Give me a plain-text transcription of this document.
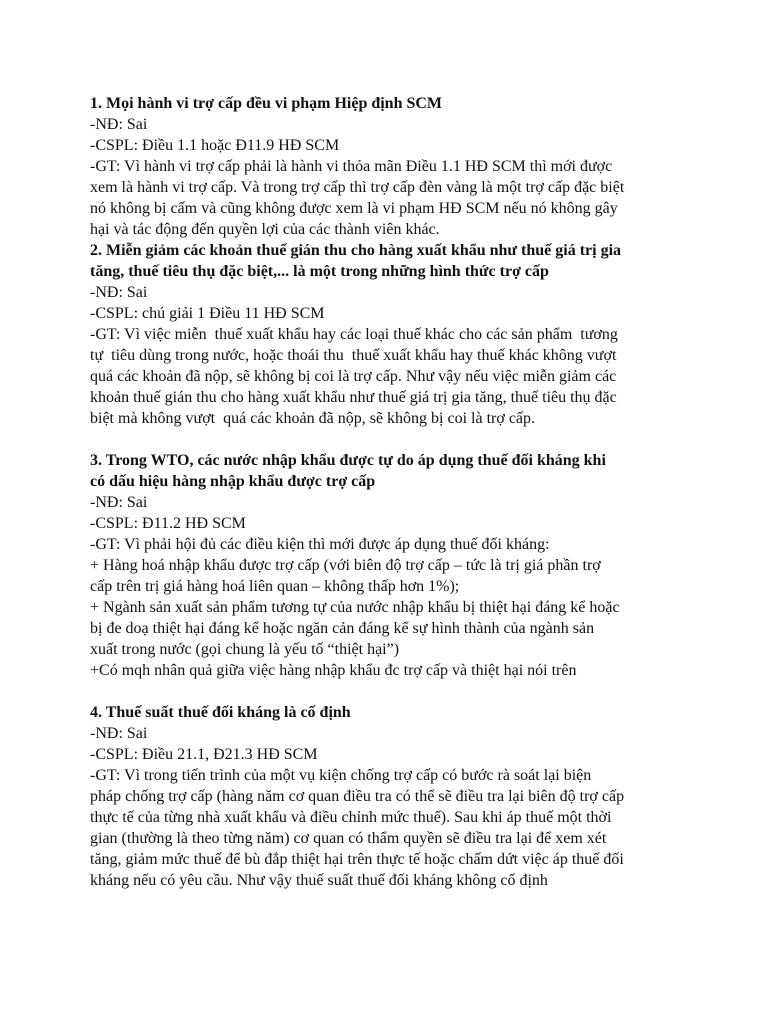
1. Mọi hành vi trợ cấp đều vi phạm Hiệp định SCM
-NĐ: Sai
-CSPL: Điều 1.1 hoặc Đ11.9 HĐ SCM
-GT: Vì hành vi trợ cấp phải là hành vi thỏa mãn Điều 1.1 HĐ SCM thì mới được
xem là hành vi trợ cấp. Và trong trợ cấp thì trợ cấp đèn vàng là một trợ cấp đặc biệt
nó không bị cấm và cũng không được xem là vi phạm HĐ SCM nếu nó không gây
hại và tác động đến quyền lợi của các thành viên khác.
2. Miễn giảm các khoản thuế gián thu cho hàng xuất khẩu như thuế giá trị gia
tăng, thuế tiêu thụ đặc biệt,... là một trong những hình thức trợ cấp
-NĐ: Sai
-CSPL: chú giải 1 Điều 11 HĐ SCM
-GT: Vì việc miễn  thuế xuất khẩu hay các loại thuế khác cho các sản phẩm  tương
tự  tiêu dùng trong nước, hoặc thoái thu  thuế xuất khẩu hay thuế khác không vượt
quá các khoản đã nộp, sẽ không bị coi là trợ cấp. Như vậy nếu việc miễn giảm các
khoản thuế gián thu cho hàng xuất khẩu như thuế giá trị gia tăng, thuế tiêu thụ đặc
biệt mà không vượt  quá các khoản đã nộp, sẽ không bị coi là trợ cấp.
3. Trong WTO, các nước nhập khẩu được tự do áp dụng thuế đối kháng khi
có dấu hiệu hàng nhập khẩu được trợ cấp
-NĐ: Sai
-CSPL: Đ11.2 HĐ SCM
-GT: Vì phải hội đủ các điều kiện thì mới được áp dụng thuế đối kháng:
+ Hàng hoá nhập khẩu được trợ cấp (với biên độ trợ cấp – tức là trị giá phần trợ
cấp trên trị giá hàng hoá liên quan – không thấp hơn 1%);
+ Ngành sản xuất sản phẩm tương tự của nước nhập khẩu bị thiệt hại đáng kể hoặc
bị đe doạ thiệt hại đáng kể hoặc ngăn cản đáng kể sự hình thành của ngành sản
xuất trong nước (gọi chung là yếu tố “thiệt hại”)
+Có mqh nhân quả giữa việc hàng nhập khẩu đc trợ cấp và thiệt hại nói trên
4. Thuế suất thuế đối kháng là cố định
-NĐ: Sai
-CSPL: Điều 21.1, Đ21.3 HĐ SCM
-GT: Vì trong tiến trình của một vụ kiện chống trợ cấp có bước rà soát lại biện
pháp chống trợ cấp (hàng năm cơ quan điều tra có thể sẽ điều tra lại biên độ trợ cấp
thực tế của từng nhà xuất khẩu và điều chỉnh mức thuế). Sau khi áp thuế một thời
gian (thường là theo từng năm) cơ quan có thẩm quyền sẽ điều tra lại để xem xét
tăng, giảm mức thuế để bù đắp thiệt hại trên thực tế hoặc chấm dứt việc áp thuế đối
kháng nếu có yêu cầu. Như vậy thuế suất thuế đối kháng không cố định
